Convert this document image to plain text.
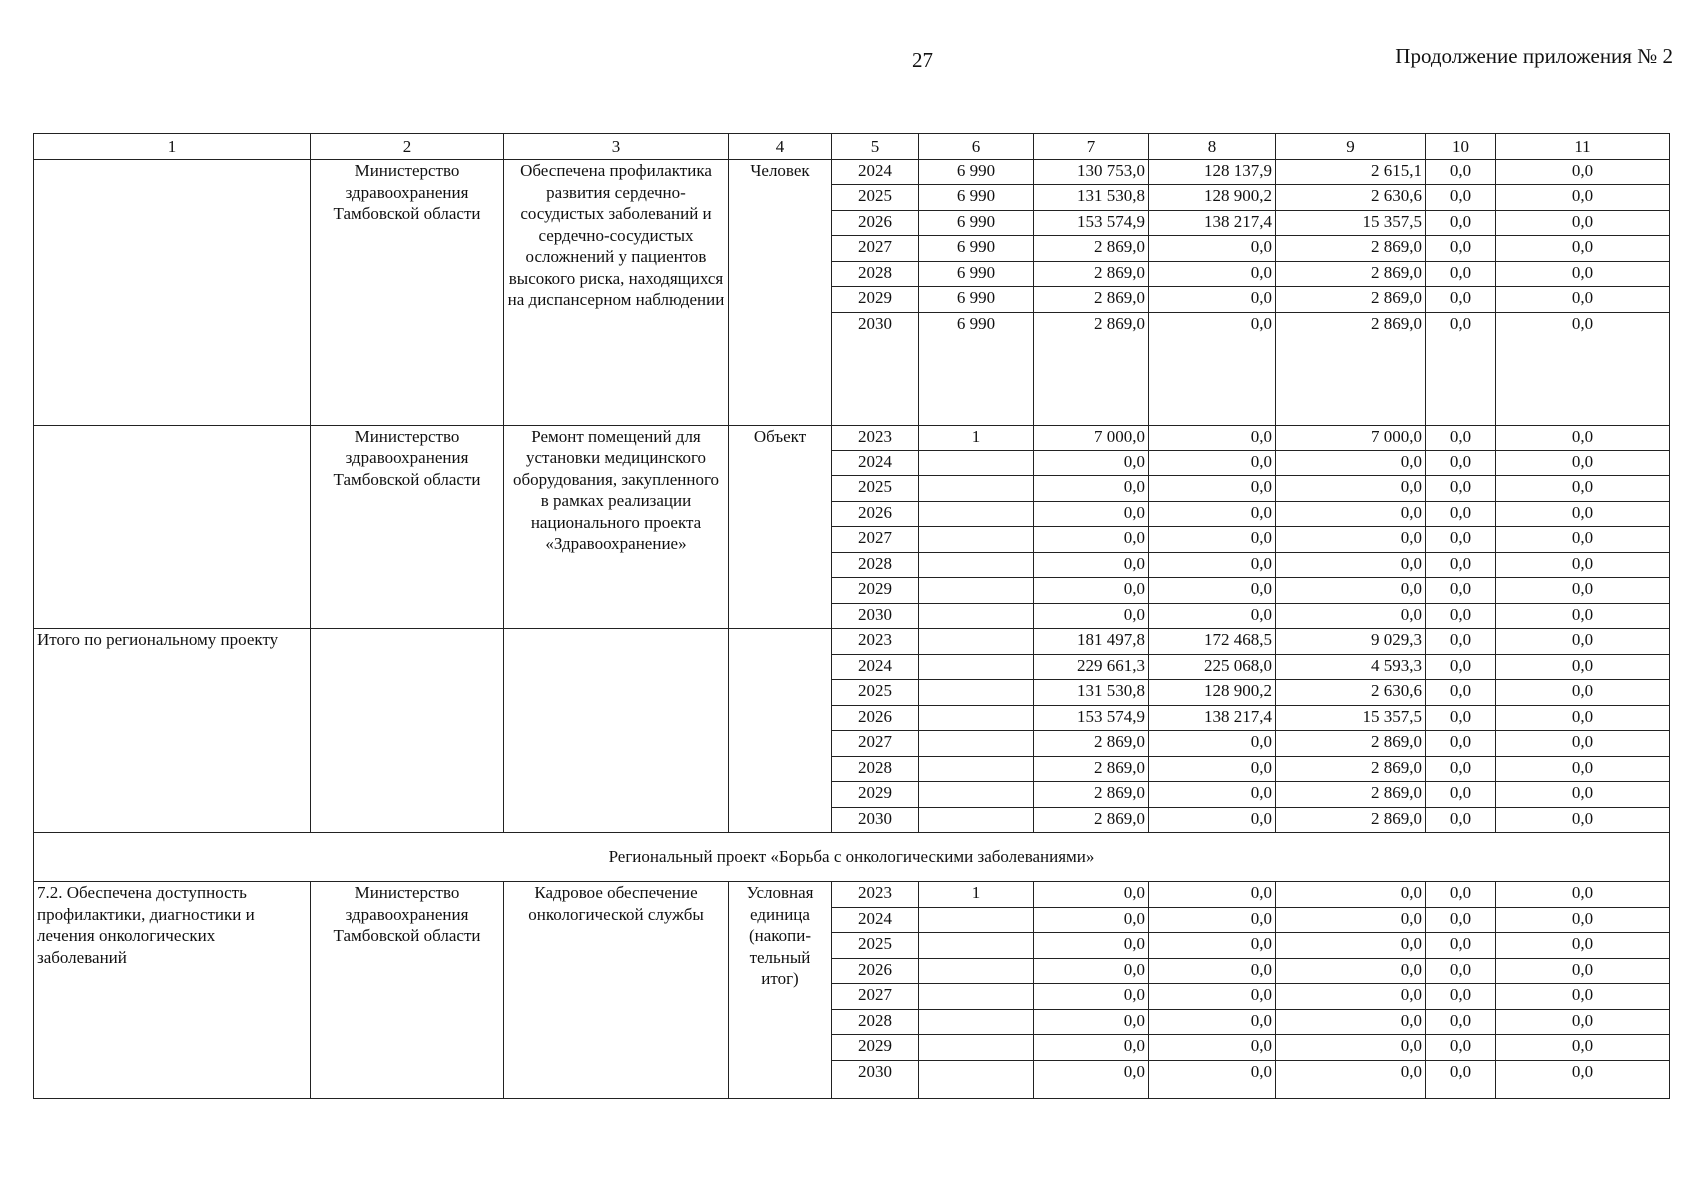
27	Продолжение приложения № 2
1	2	3	4	5	6	7	8	9	10	11
	Министерство здравоохранения Тамбовской области	Обеспечена профилактика развития сердечно-сосудистых заболеваний и сердечно-сосудистых осложнений у пациентов высокого риска, находящихся на диспансерном наблюдении	Человек	2024	6 990	130 753,0	128 137,9	2 615,1	0,0	0,0
				2025	6 990	131 530,8	128 900,2	2 630,6	0,0	0,0
				2026	6 990	153 574,9	138 217,4	15 357,5	0,0	0,0
				2027	6 990	2 869,0	0,0	2 869,0	0,0	0,0
				2028	6 990	2 869,0	0,0	2 869,0	0,0	0,0
				2029	6 990	2 869,0	0,0	2 869,0	0,0	0,0
				2030	6 990	2 869,0	0,0	2 869,0	0,0	0,0
	Министерство здравоохранения Тамбовской области	Ремонт помещений для установки медицинского оборудования, закупленного в рамках реализации национального проекта «Здравоохранение»	Объект	2023	1	7 000,0	0,0	7 000,0	0,0	0,0
				2024		0,0	0,0	0,0	0,0	0,0
				2025		0,0	0,0	0,0	0,0	0,0
				2026		0,0	0,0	0,0	0,0	0,0
				2027		0,0	0,0	0,0	0,0	0,0
				2028		0,0	0,0	0,0	0,0	0,0
				2029		0,0	0,0	0,0	0,0	0,0
				2030		0,0	0,0	0,0	0,0	0,0
Итого по региональному проекту				2023		181 497,8	172 468,5	9 029,3	0,0	0,0
				2024		229 661,3	225 068,0	4 593,3	0,0	0,0
				2025		131 530,8	128 900,2	2 630,6	0,0	0,0
				2026		153 574,9	138 217,4	15 357,5	0,0	0,0
				2027		2 869,0	0,0	2 869,0	0,0	0,0
				2028		2 869,0	0,0	2 869,0	0,0	0,0
				2029		2 869,0	0,0	2 869,0	0,0	0,0
				2030		2 869,0	0,0	2 869,0	0,0	0,0
Региональный проект «Борьба с онкологическими заболеваниями»										
7.2. Обеспечена доступность профилактики, диагностики и лечения онкологических заболеваний	Министерство здравоохранения Тамбовской области	Кадровое обеспечение онкологической службы	Условная единица (накопи-тельный итог)	2023	1	0,0	0,0	0,0	0,0	0,0
				2024		0,0	0,0	0,0	0,0	0,0
				2025		0,0	0,0	0,0	0,0	0,0
				2026		0,0	0,0	0,0	0,0	0,0
				2027		0,0	0,0	0,0	0,0	0,0
				2028		0,0	0,0	0,0	0,0	0,0
				2029		0,0	0,0	0,0	0,0	0,0
				2030		0,0	0,0	0,0	0,0	0,0
